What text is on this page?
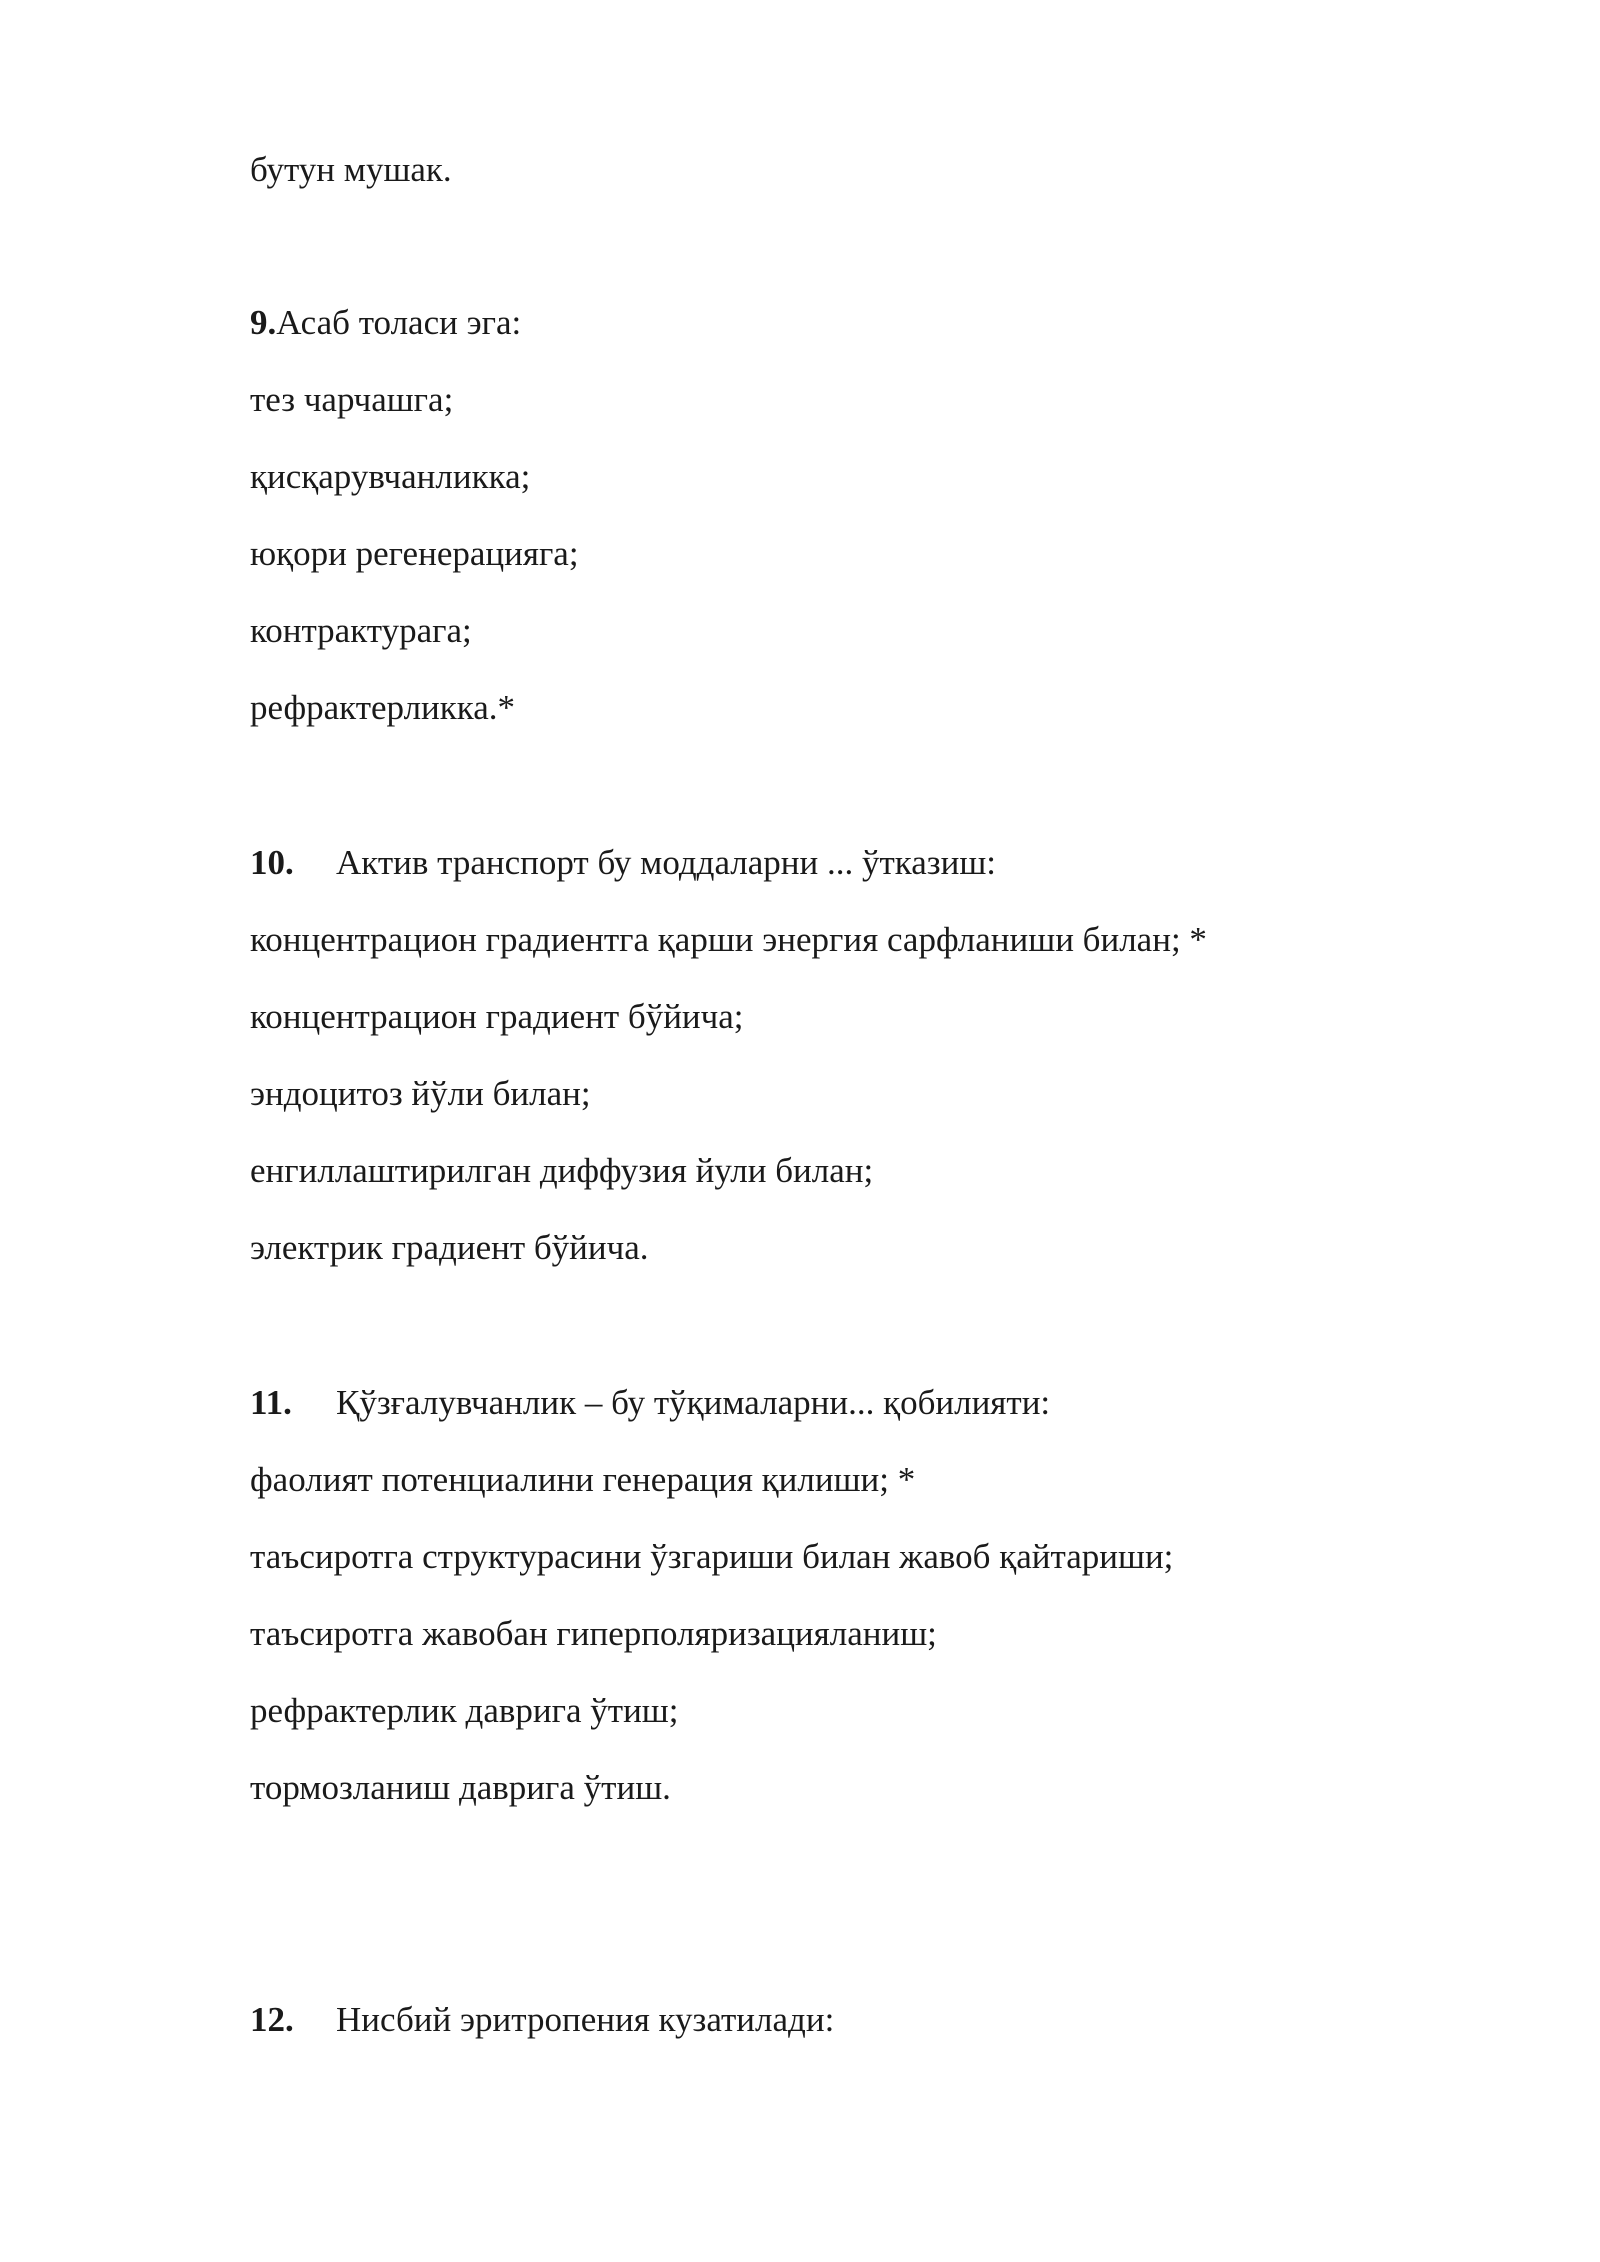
бутун мушак.
9.Асаб толаси эга:
тез чарчашга;
қисқарувчанликка;
юқори регенерацияга;
контрактурага;
рефрактерликка.*
10. Актив транспорт бу моддаларни ... ўтказиш:
концентрацион градиентга қарши энергия сарфланиши билан; *
концентрацион градиент бўйича;
эндоцитоз йўли билан;
енгиллаштирилган диффузия йули билан;
электрик градиент бўйича.
11. Қўзғалувчанлик – бу тўқималарни... қобилияти:
фаолият потенциалини генерация қилиши; *
таъсиротга структурасини ўзгариши билан жавоб қайтариши;
таъсиротга жавобан гиперполяризацияланиш;
рефрактерлик даврига ўтиш;
тормозланиш даврига ўтиш.
12. Нисбий эритропения кузатилади:
